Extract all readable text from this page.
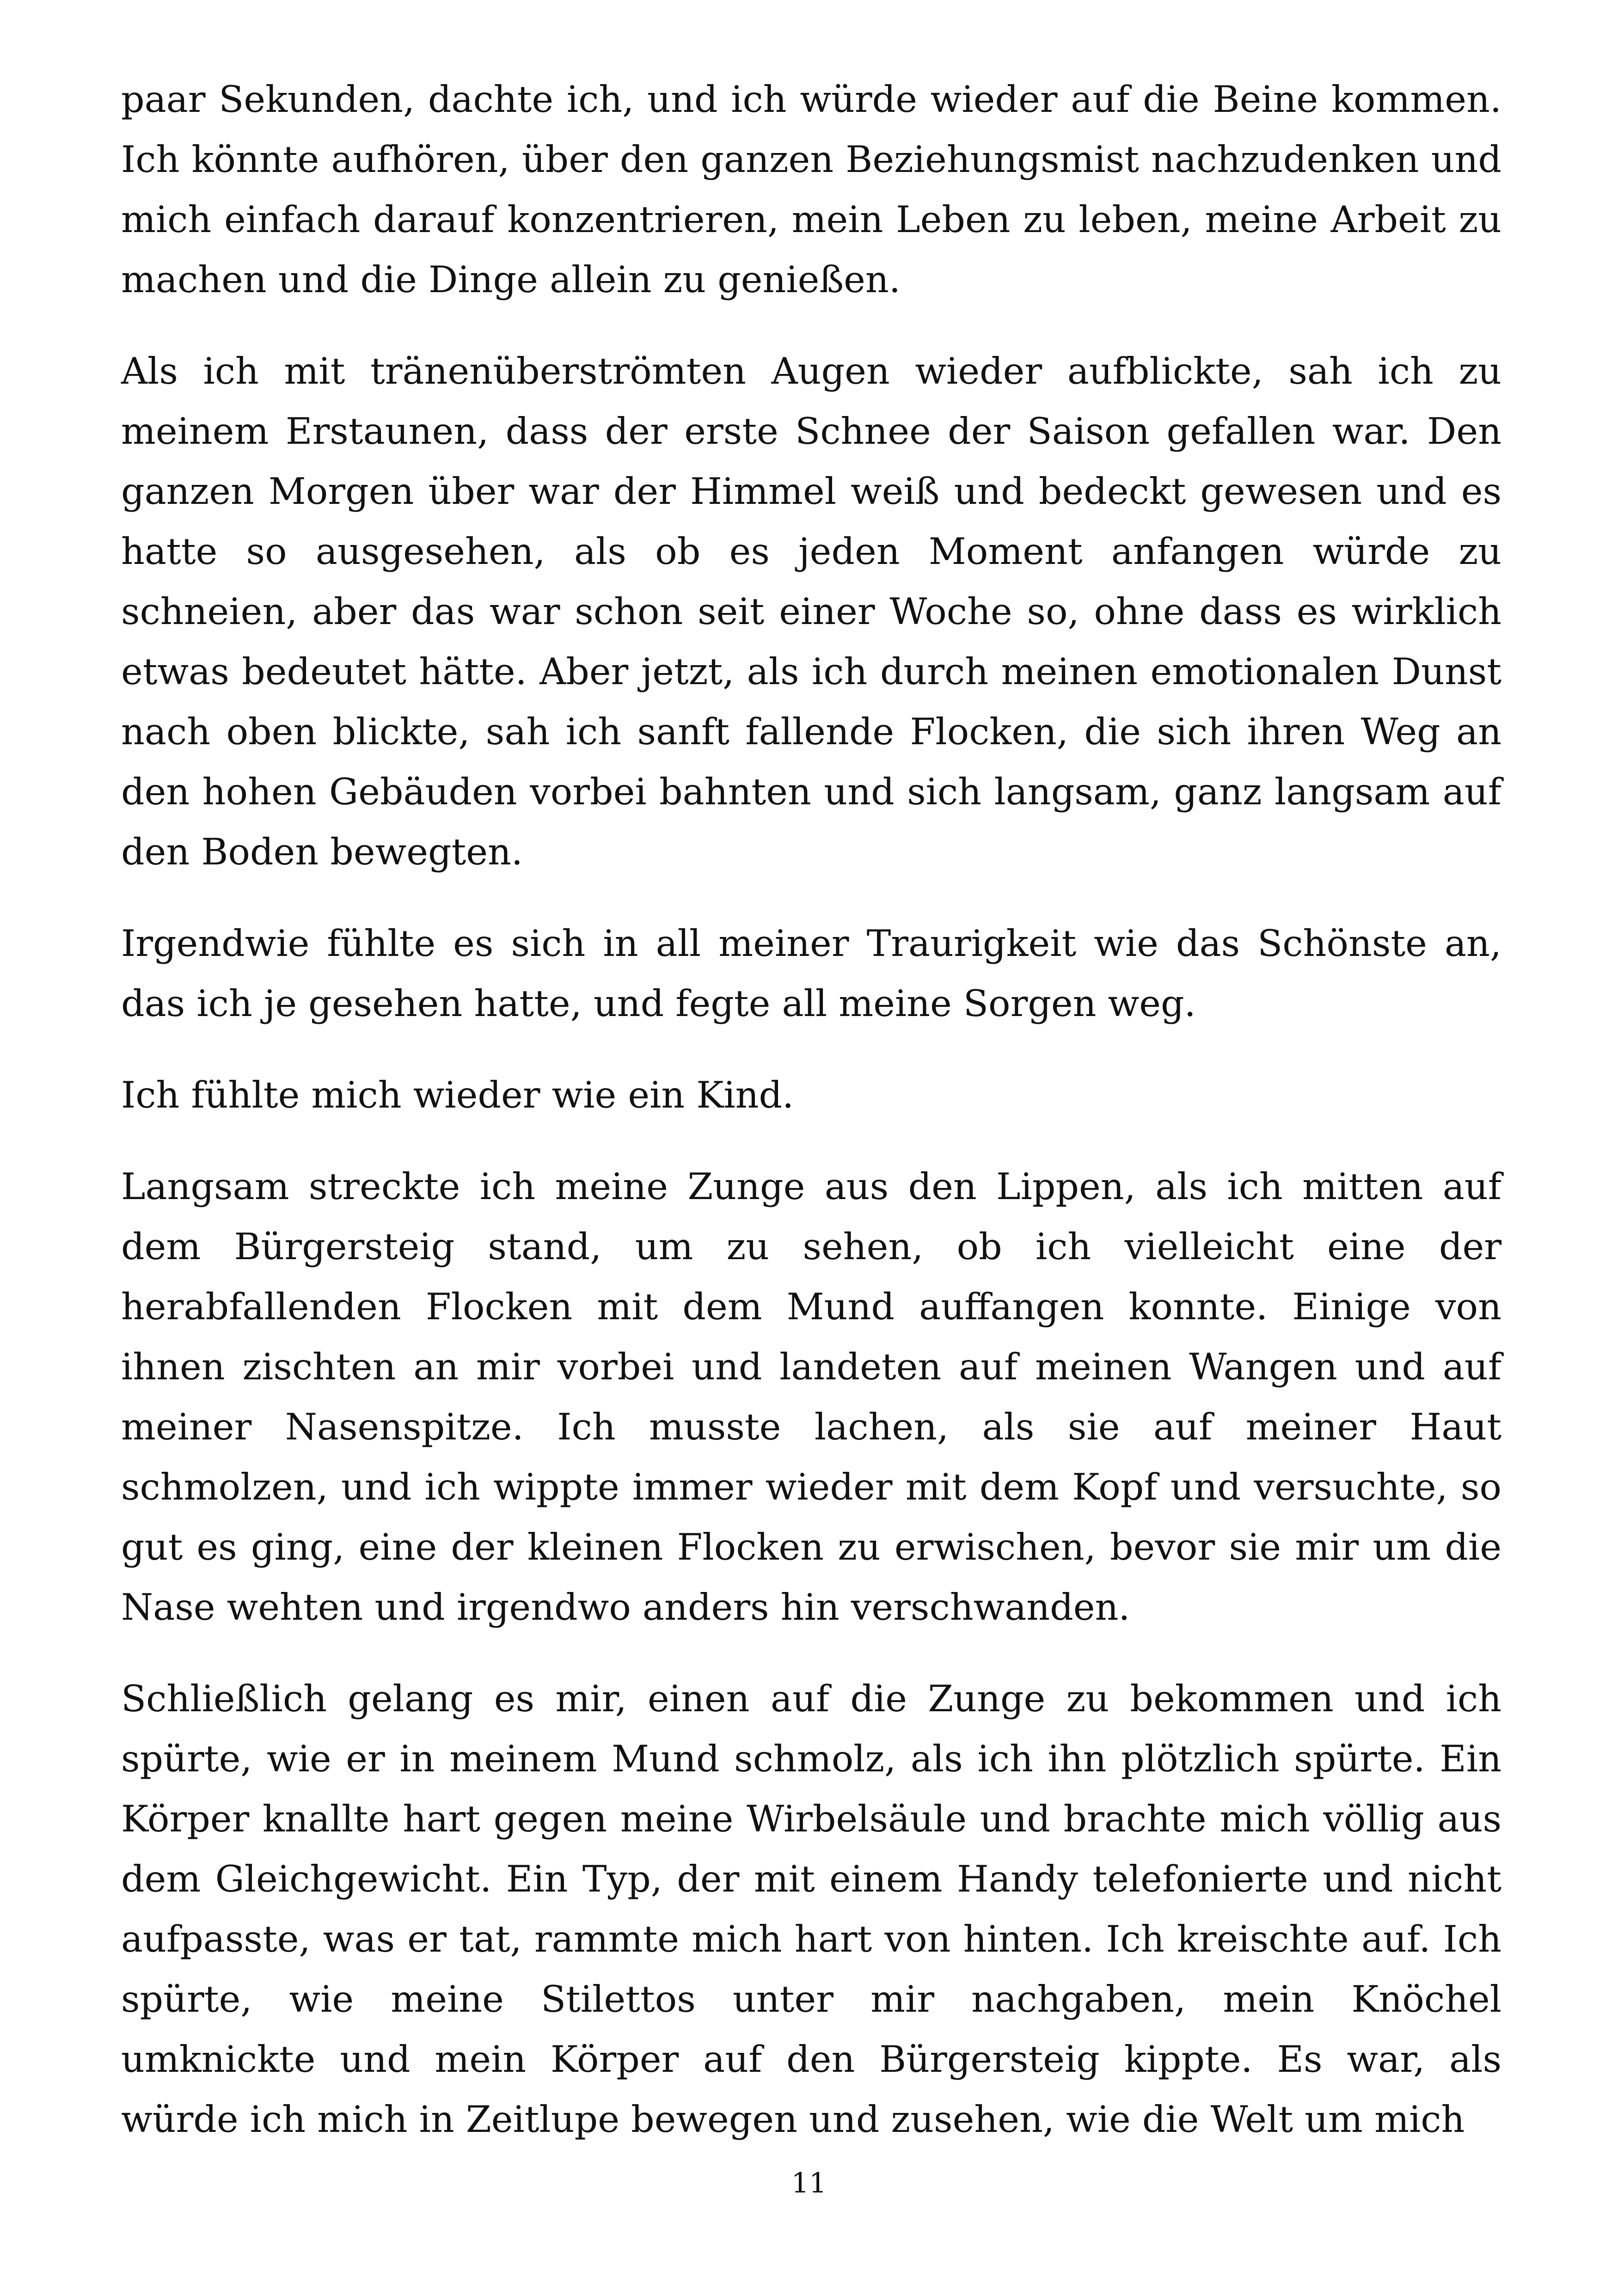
paar Sekunden, dachte ich, und ich würde wieder auf die Beine kommen. Ich könnte aufhören, über den ganzen Beziehungsmist nachzudenken und mich einfach darauf konzentrieren, mein Leben zu leben, meine Arbeit zu machen und die Dinge allein zu genießen.

Als ich mit tränenüberströmten Augen wieder aufblickte, sah ich zu meinem Erstaunen, dass der erste Schnee der Saison gefallen war. Den ganzen Morgen über war der Himmel weiß und bedeckt gewesen und es hatte so ausgesehen, als ob es jeden Moment anfangen würde zu schneien, aber das war schon seit einer Woche so, ohne dass es wirklich etwas bedeutet hätte. Aber jetzt, als ich durch meinen emotionalen Dunst nach oben blickte, sah ich sanft fallende Flocken, die sich ihren Weg an den hohen Gebäuden vorbei bahnten und sich langsam, ganz langsam auf den Boden bewegten.

Irgendwie fühlte es sich in all meiner Traurigkeit wie das Schönste an, das ich je gesehen hatte, und fegte all meine Sorgen weg.

Ich fühlte mich wieder wie ein Kind.

Langsam streckte ich meine Zunge aus den Lippen, als ich mitten auf dem Bürgersteig stand, um zu sehen, ob ich vielleicht eine der herabfallenden Flocken mit dem Mund auffangen konnte. Einige von ihnen zischten an mir vorbei und landeten auf meinen Wangen und auf meiner Nasenspitze. Ich musste lachen, als sie auf meiner Haut schmolzen, und ich wippte immer wieder mit dem Kopf und versuchte, so gut es ging, eine der kleinen Flocken zu erwischen, bevor sie mir um die Nase wehten und irgendwo anders hin verschwanden.

Schließlich gelang es mir, einen auf die Zunge zu bekommen und ich spürte, wie er in meinem Mund schmolz, als ich ihn plötzlich spürte. Ein Körper knallte hart gegen meine Wirbelsäule und brachte mich völlig aus dem Gleichgewicht. Ein Typ, der mit einem Handy telefonierte und nicht aufpasste, was er tat, rammte mich hart von hinten. Ich kreischte auf. Ich spürte, wie meine Stilettos unter mir nachgaben, mein Knöchel umknickte und mein Körper auf den Bürgersteig kippte. Es war, als würde ich mich in Zeitlupe bewegen und zusehen, wie die Welt um mich

11
